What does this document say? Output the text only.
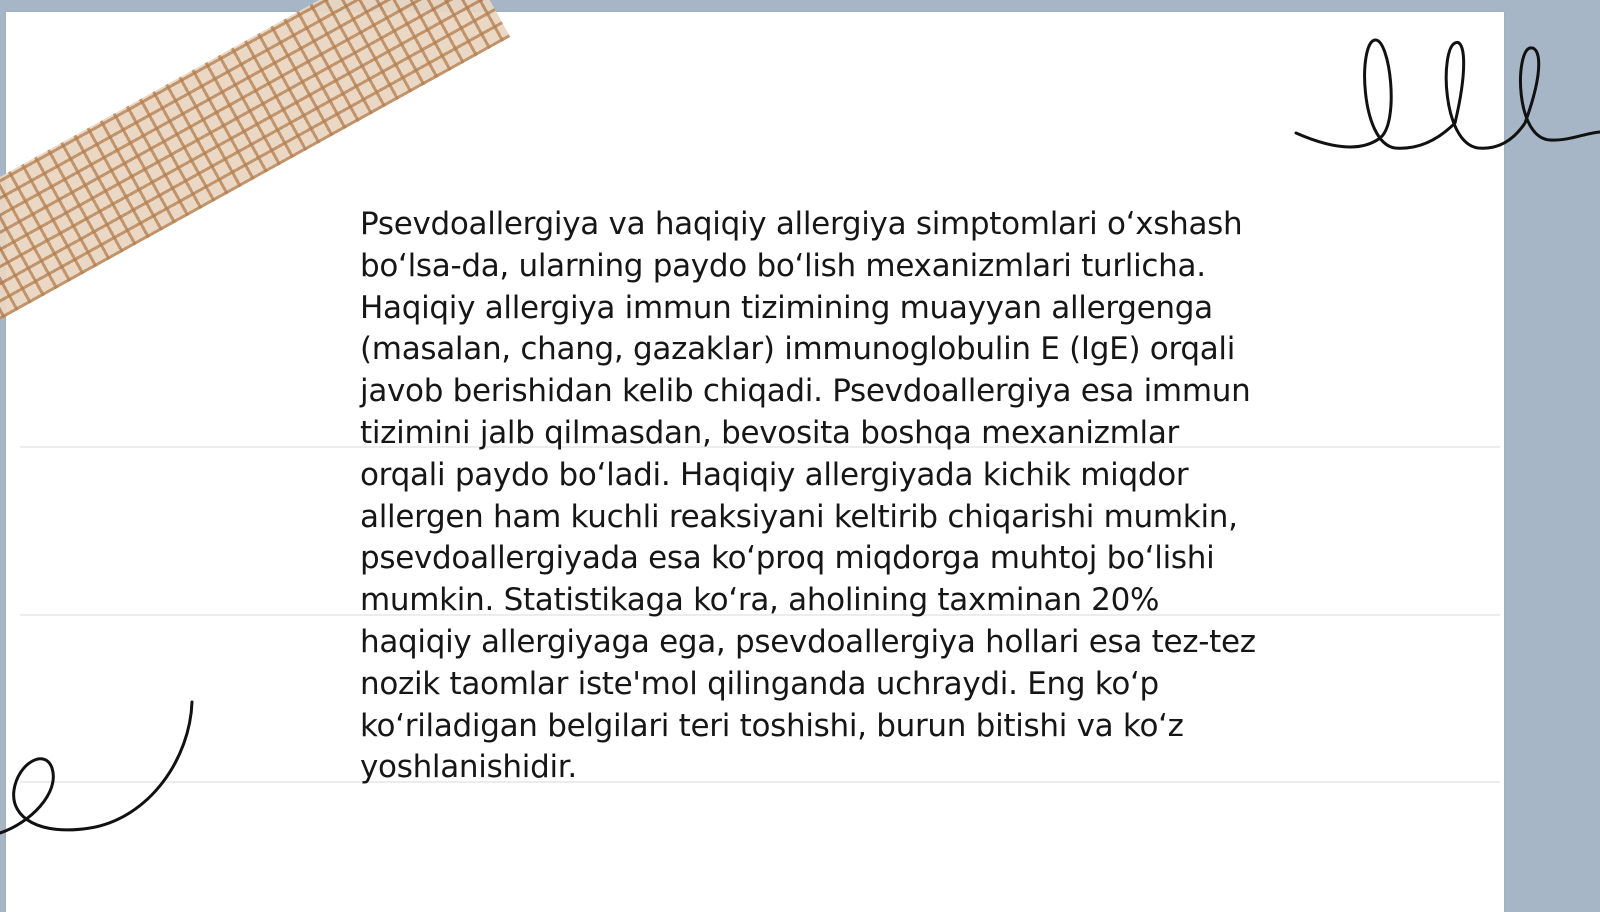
Psevdoallergiya va haqiqiy allergiya simptomlari oʻxshash boʻlsa-da, ularning paydo boʻlish mexanizmlari turlicha. Haqiqiy allergiya immun tizimining muayyan allergenga (masalan, chang, gazaklar) immunoglobulin E (IgE) orqali javob berishidan kelib chiqadi. Psevdoallergiya esa immun tizimini jalb qilmasdan, bevosita boshqa mexanizmlar orqali paydo boʻladi. Haqiqiy allergiyada kichik miqdor allergen ham kuchli reaksiyani keltirib chiqarishi mumkin, psevdoallergiyada esa koʻproq miqdorga muhtoj boʻlishi mumkin. Statistikaga koʻra, aholining taxminan 20% haqiqiy allergiyaga ega, psevdoallergiya hollari esa tez-tez nozik taomlar iste'mol qilinganda uchraydi. Eng koʻp koʻriladigan belgilari teri toshishi, burun bitishi va koʻz yoshlanishidir.
